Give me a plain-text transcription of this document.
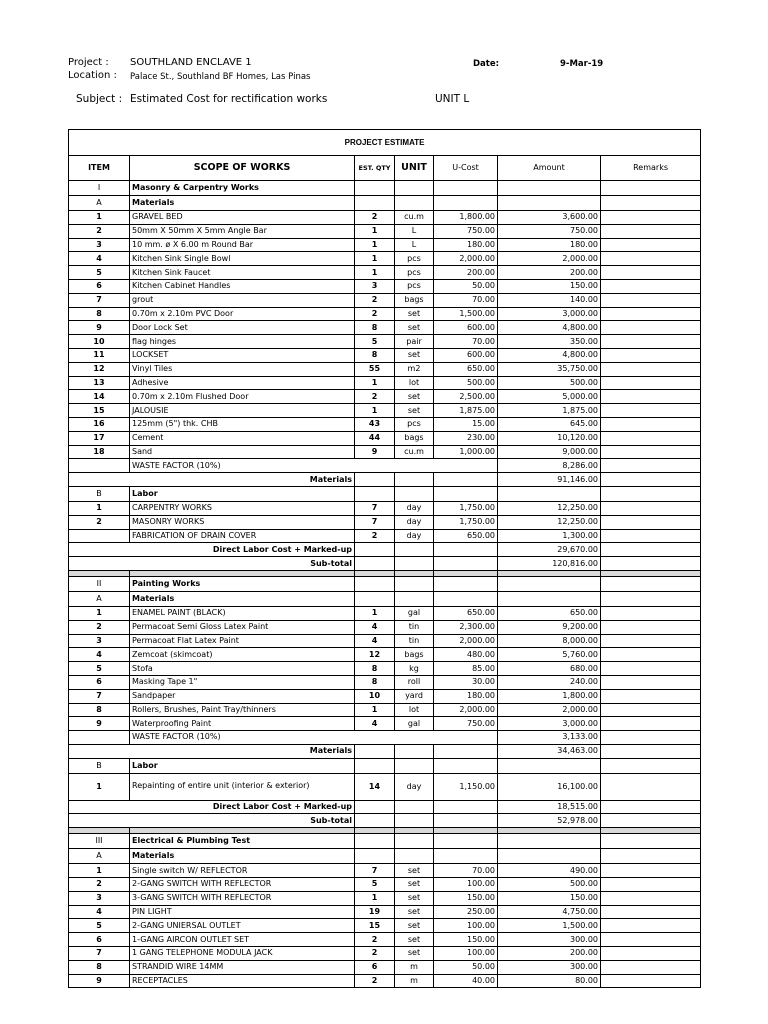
Project : SOUTHLAND ENCLAVE 1	Date:	9-Mar-19
Location : Palace St., Southland BF Homes, Las Pinas
Subject : Estimated Cost for rectification works	UNIT L
PROJECT ESTIMATE						
ITEM	SCOPE OF WORKS	EST. QTY	UNIT	U-Cost	Amount	Remarks
I	Masonry & Carpentry Works					
A	Materials					
1	GRAVEL BED	2	cu.m	1,800.00	3,600.00	
2	50mm X 50mm X 5mm Angle Bar	1	L	750.00	750.00	
3	10 mm. ø X 6.00 m Round Bar	1	L	180.00	180.00	
4	Kitchen Sink Single Bowl	1	pcs	2,000.00	2,000.00	
5	Kitchen Sink Faucet	1	pcs	200.00	200.00	
6	Kitchen Cabinet Handles	3	pcs	50.00	150.00	
7	grout	2	bags	70.00	140.00	
8	0.70m x 2.10m PVC Door	2	set	1,500.00	3,000.00	
9	Door Lock Set	8	set	600.00	4,800.00	
10	flag hinges	5	pair	70.00	350.00	
11	LOCKSET	8	set	600.00	4,800.00	
12	Vinyl Tiles	55	m2	650.00	35,750.00	
13	Adhesive	1	lot	500.00	500.00	
14	0.70m x 2.10m Flushed Door	2	set	2,500.00	5,000.00	
15	JALOUSIE	1	set	1,875.00	1,875.00	
16	125mm (5") thk. CHB	43	pcs	15.00	645.00	
17	Cement	44	bags	230.00	10,120.00	
18	Sand	9	cu.m	1,000.00	9,000.00	
	WASTE FACTOR (10%)				8,286.00	
Materials					91,146.00	
B	Labor					
1	CARPENTRY WORKS	7	day	1,750.00	12,250.00	
2	MASONRY WORKS	7	day	1,750.00	12,250.00	
	FABRICATION OF DRAIN COVER	2	day	650.00	1,300.00	
Direct Labor Cost + Marked-up					29,670.00	
Sub-total					120,816.00	

II	Painting Works					
A	Materials					
1	ENAMEL PAINT (BLACK)	1	gal	650.00	650.00	
2	Permacoat Semi Gloss Latex Paint	4	tin	2,300.00	9,200.00	
3	Permacoat Flat Latex Paint	4	tin	2,000.00	8,000.00	
4	Zemcoat (skimcoat)	12	bags	480.00	5,760.00	
5	Stofa	8	kg	85.00	680.00	
6	Masking Tape 1"	8	roll	30.00	240.00	
7	Sandpaper	10	yard	180.00	1,800.00	
8	Rollers, Brushes, Paint Tray/thinners	1	lot	2,000.00	2,000.00	
9	Waterproofing Paint	4	gal	750.00	3,000.00	
	WASTE FACTOR (10%)				3,133.00	
Materials					34,463.00	
B	Labor					
1	Repainting of entire unit (interior & exterior)	14	day	1,150.00	16,100.00	
Direct Labor Cost + Marked-up					18,515.00	
Sub-total					52,978.00	

III	Electrical & Plumbing Test					
A	Materials					
1	Single switch W/ REFLECTOR	7	set	70.00	490.00	
2	2-GANG SWITCH WITH REFLECTOR	5	set	100.00	500.00	
3	3-GANG SWITCH WITH REFLECTOR	1	set	150.00	150.00	
4	PIN LIGHT	19	set	250.00	4,750.00	
5	2-GANG UNIERSAL OUTLET	15	set	100.00	1,500.00	
6	1-GANG AIRCON OUTLET SET	2	set	150.00	300.00	
7	1 GANG TELEPHONE MODULA JACK	2	set	100.00	200.00	
8	STRANDID WIRE 14MM	6	m	50.00	300.00	
9	RECEPTACLES	2	m	40.00	80.00	
